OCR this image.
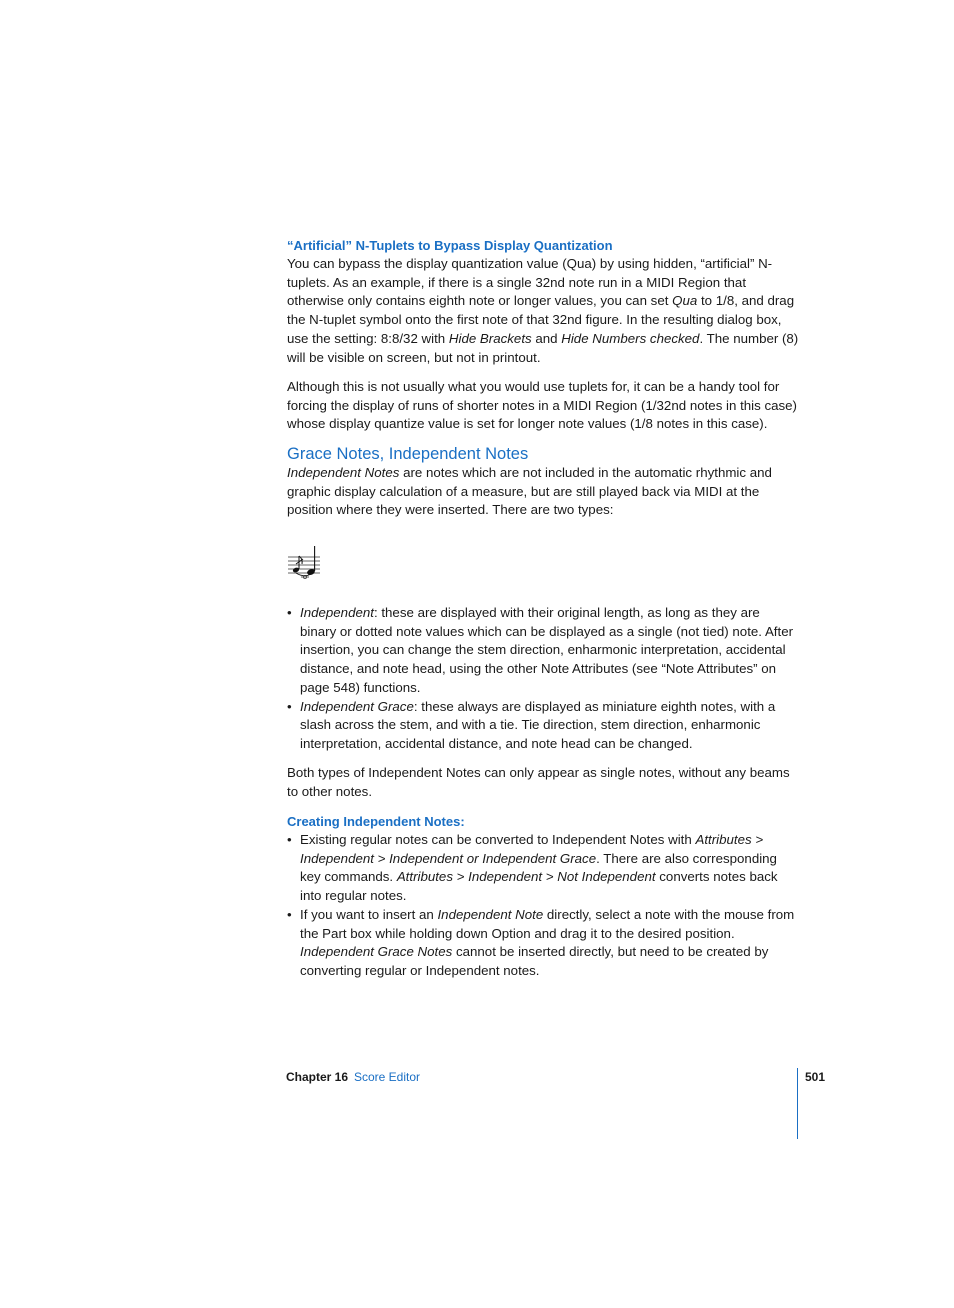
“Artificial” N-Tuplets to Bypass Display Quantization

You can bypass the display quantization value (Qua) by using hidden, “artificial” N-tuplets. As an example, if there is a single 32nd note run in a MIDI Region that otherwise only contains eighth note or longer values, you can set Qua to 1/8, and drag the N-tuplet symbol onto the first note of that 32nd figure. In the resulting dialog box, use the setting: 8:8/32 with Hide Brackets and Hide Numbers checked. The number (8) will be visible on screen, but not in printout.

Although this is not usually what you would use tuplets for, it can be a handy tool for forcing the display of runs of shorter notes in a MIDI Region (1/32nd notes in this case) whose display quantize value is set for longer note values (1/8 notes in this case).

Grace Notes, Independent Notes

Independent Notes are notes which are not included in the automatic rhythmic and graphic display calculation of a measure, but are still played back via MIDI at the position where they were inserted. There are two types:

• Independent: these are displayed with their original length, as long as they are binary or dotted note values which can be displayed as a single (not tied) note. After insertion, you can change the stem direction, enharmonic interpretation, accidental distance, and note head, using the other Note Attributes (see “Note Attributes” on page 548) functions.
• Independent Grace: these always are displayed as miniature eighth notes, with a slash across the stem, and with a tie. Tie direction, stem direction, enharmonic interpretation, accidental distance, and note head can be changed.

Both types of Independent Notes can only appear as single notes, without any beams to other notes.

Creating Independent Notes:
• Existing regular notes can be converted to Independent Notes with Attributes > Independent > Independent or Independent Grace. There are also corresponding key commands. Attributes > Independent > Not Independent converts notes back into regular notes.
• If you want to insert an Independent Note directly, select a note with the mouse from the Part box while holding down Option and drag it to the desired position. Independent Grace Notes cannot be inserted directly, but need to be created by converting regular or Independent notes.
Chapter 16 Score Editor	501
